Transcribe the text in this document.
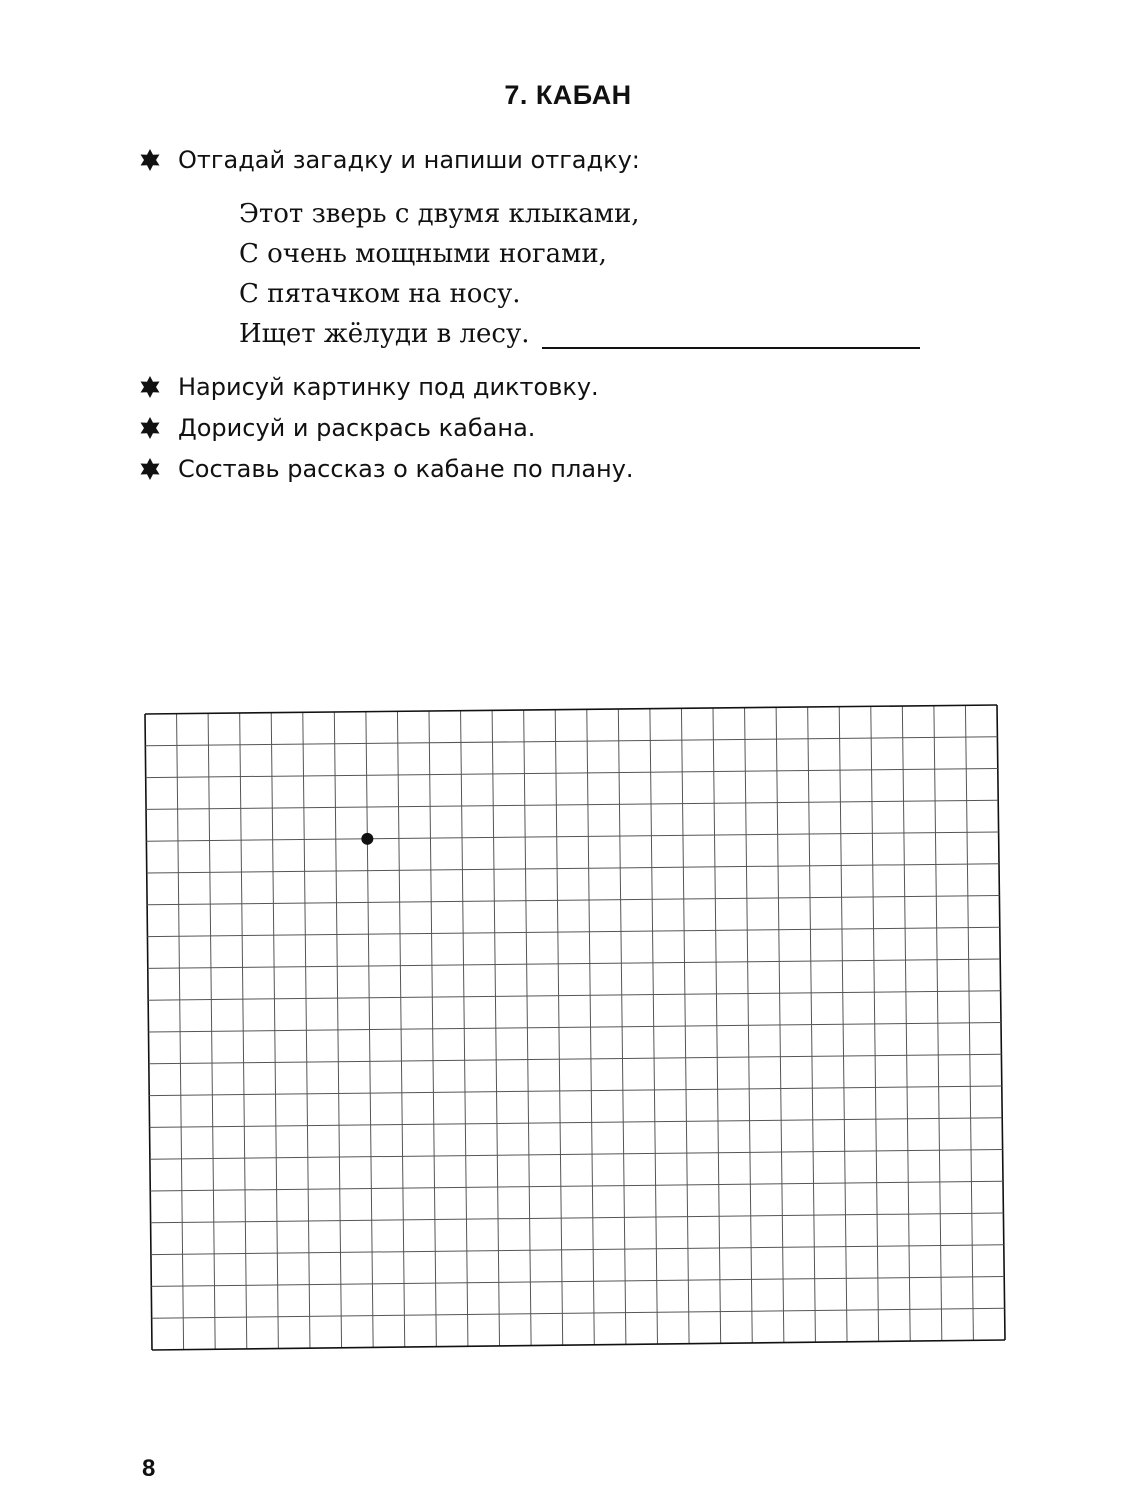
7. КАБАН
Отгадай загадку и напиши отгадку:
Этот зверь с двумя клыками,
С очень мощными ногами,
С пятачком на носу.
Ищет жёлуди в лесу.
Нарисуй картинку под диктовку.
Дорисуй и раскрась кабана.
Составь рассказ о кабане по плану.
8
